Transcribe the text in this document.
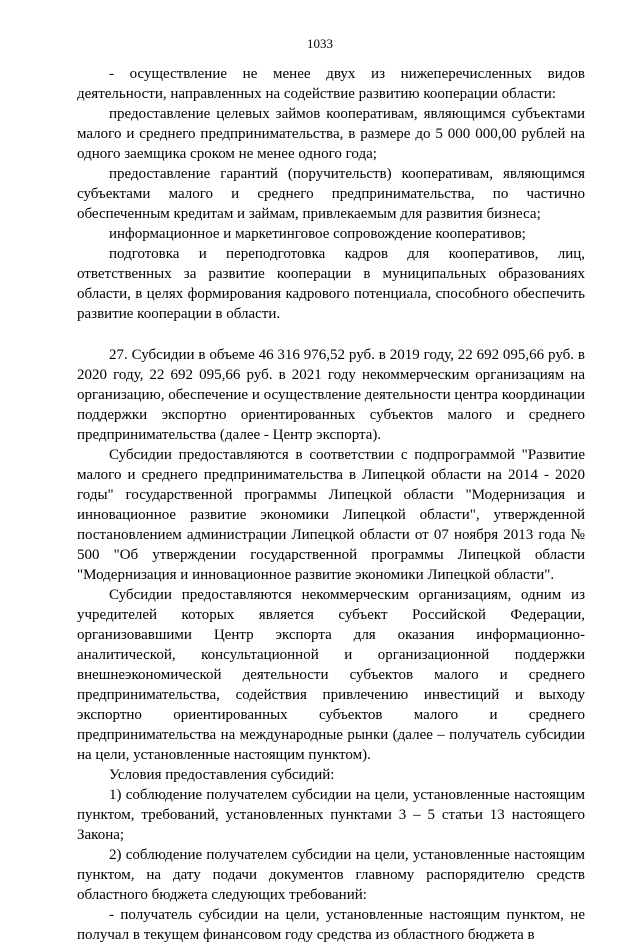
1033

- осуществление не менее двух из нижеперечисленных видов деятельности, направленных на содействие развитию кооперации области:

предоставление целевых займов кооперативам, являющимся субъектами малого и среднего предпринимательства, в размере до 5 000 000,00 рублей на одного заемщика сроком не менее одного года;

предоставление гарантий (поручительств) кооперативам, являющимся субъектами малого и среднего предпринимательства, по частично обеспеченным кредитам и займам, привлекаемым для развития бизнеса;

информационное и маркетинговое сопровождение кооперативов;

подготовка и переподготовка кадров для кооперативов, лиц, ответственных за развитие кооперации в муниципальных образованиях области, в целях формирования кадрового потенциала, способного обеспечить развитие кооперации в области.

27. Субсидии в объеме 46 316 976,52 руб. в 2019 году, 22 692 095,66 руб. в 2020 году, 22 692 095,66 руб. в 2021 году некоммерческим организациям на организацию, обеспечение и осуществление деятельности центра координации поддержки экспортно ориентированных субъектов малого и среднего предпринимательства (далее - Центр экспорта).

Субсидии предоставляются в соответствии с подпрограммой "Развитие малого и среднего предпринимательства в Липецкой области на 2014 - 2020 годы" государственной программы Липецкой области "Модернизация и инновационное развитие экономики Липецкой области", утвержденной постановлением администрации Липецкой области от 07 ноября 2013 года № 500 "Об утверждении государственной программы Липецкой области "Модернизация и инновационное развитие экономики Липецкой области".

Субсидии предоставляются некоммерческим организациям, одним из учредителей которых является субъект Российской Федерации, организовавшими Центр экспорта для оказания информационно-аналитической, консультационной и организационной поддержки внешнеэкономической деятельности субъектов малого и среднего предпринимательства, содействия привлечению инвестиций и выходу экспортно ориентированных субъектов малого и среднего предпринимательства на международные рынки (далее – получатель субсидии на цели, установленные настоящим пунктом).

Условия предоставления субсидий:

1) соблюдение получателем субсидии на цели, установленные настоящим пунктом, требований, установленных пунктами 3 – 5 статьи 13 настоящего Закона;

2) соблюдение получателем субсидии на цели, установленные настоящим пунктом, на дату подачи документов главному распорядителю средств областного бюджета следующих требований:

- получатель субсидии на цели, установленные настоящим пунктом, не получал в текущем финансовом году средства из областного бюджета в
